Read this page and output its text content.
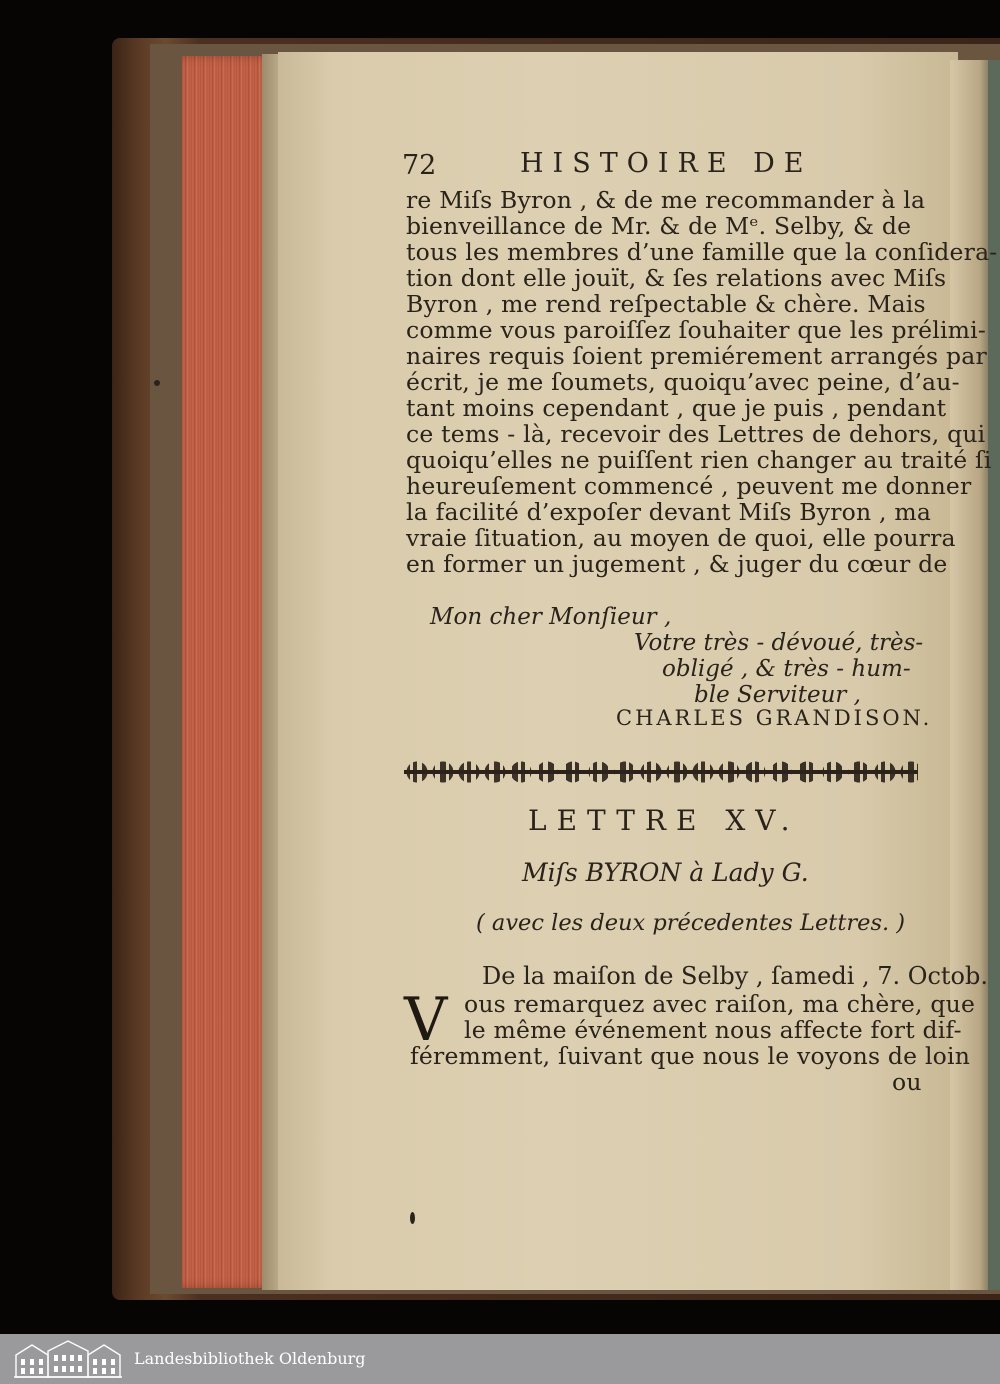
72	HISTOIRE DE
re Miſs Byron , & de me recommander à la
bienveillance de Mr. & de Mᵉ. Selby, & de
tous les membres d’une famille que la conſidera-
tion dont elle jouït, & ſes relations avec Miſs
Byron , me rend reſpectable & chère. Mais
comme vous paroiſſez ſouhaiter que les prélimi-
naires requis ſoient premiérement arrangés par
écrit, je me ſoumets, quoiqu’avec peine, d’au-
tant moins cependant , que je puis , pendant
ce tems - là, recevoir des Lettres de dehors, qui
quoiqu’elles ne puiſſent rien changer au traité ſi
heureuſement commencé , peuvent me donner
la facilité d’expoſer devant Miſs Byron , ma
vraie ſituation, au moyen de quoi, elle pourra
en former un jugement , & juger du cœur de
Mon cher Monſieur ,
Votre très - dévoué, très-
obligé , & très - hum-
ble Serviteur ,
CHARLES GRANDISON.
LETTRE XV.
Miſs BYRON à Lady G.
( avec les deux précedentes Lettres. )
De la maiſon de Selby , ſamedi , 7. Octob.
V ous remarquez avec raiſon, ma chère, que
le même événement nous affecte fort dif-
féremment, ſuivant que nous le voyons de loin
ou
Landesbibliothek Oldenburg
